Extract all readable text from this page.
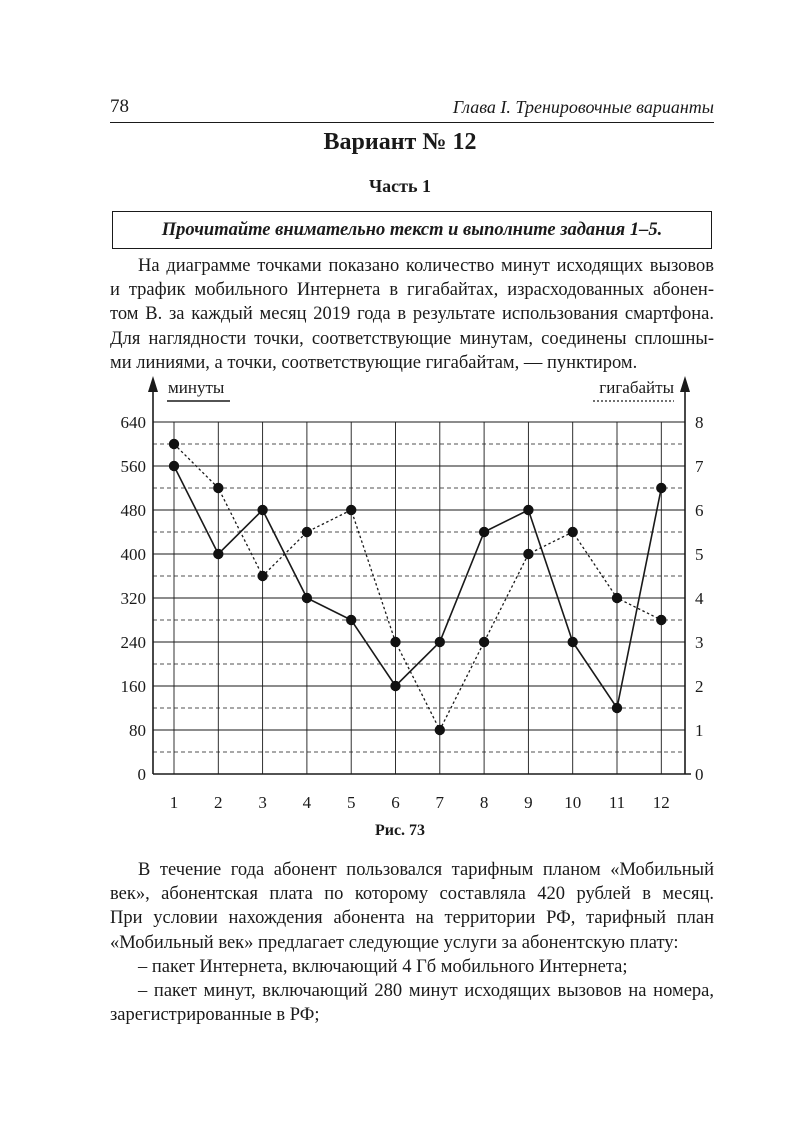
78	Глава I. Тренировочные варианты
Вариант № 12
Часть 1
Прочитайте внимательно текст и выполните задания 1–5.
На диаграмме точками показано количество минут исходящих вызовов
и трафик мобильного Интернета в гигабайтах, израсходованных абонен-
том В. за каждый месяц 2019 года в результате использования смартфона.
Для наглядности точки, соответствующие минутам, соединены сплошны-
ми линиями, а точки, соответствующие гигабайтам, — пунктиром.
минуты	гигабайты
0
80
160
240
320
400
480
560
640
0
1
2
3
4
5
6
7
8
1 2 3 4 5 6 7 8 9 10 11 12
Рис. 73
В течение года абонент пользовался тарифным планом «Мобильный
век», абонентская плата по которому составляла 420 рублей в месяц.
При условии нахождения абонента на территории РФ, тарифный план
«Мобильный век» предлагает следующие услуги за абонентскую плату:
– пакет Интернета, включающий 4 Гб мобильного Интернета;
– пакет минут, включающий 280 минут исходящих вызовов на номера,
зарегистрированные в РФ;
